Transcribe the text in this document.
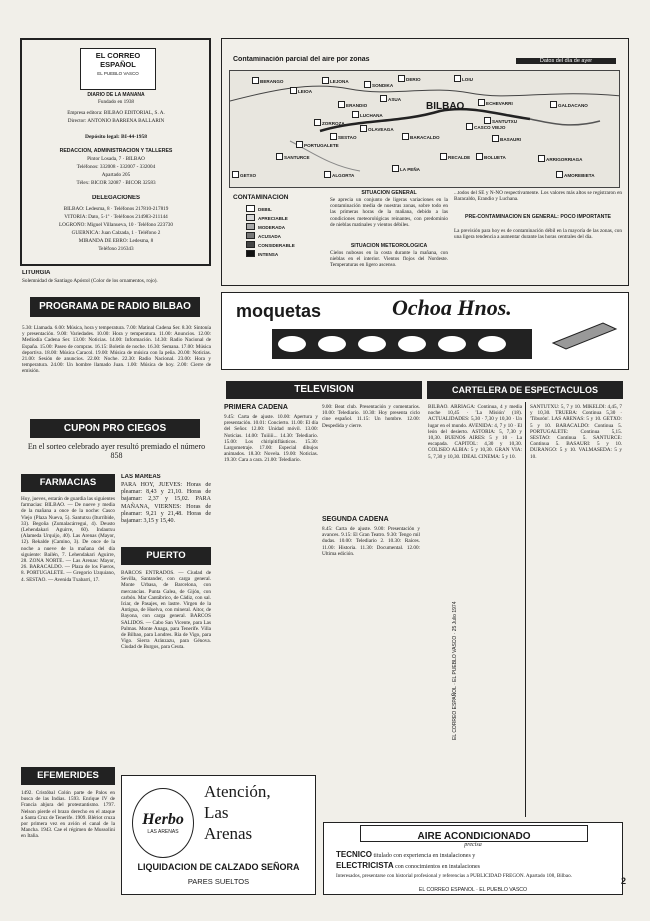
EL CORREO ESPAÑOL
EL PUEBLO VASCO
DIARIO DE LA MAÑANA
Fundado en 1938
Empresa editora: BILBAO EDITORIAL, S. A.
Director: ANTONIO BARRENA BALLARIN
Depósito legal: BI-44-1958
REDACCION, ADMINISTRACION Y TALLERES
Pintor Losada, 7 · BILBAO
Teléfonos: 332008 - 332007 - 332004
Apartado 205
Télex: BICOR 32087 · BICOR 32583
DELEGACIONES
BILBAO: Ledesma, 8 · Teléfonos 217810-217819
VITORIA: Dato, 5·1º · Teléfonos 214983-211144
LOGROÑO: Miguel Villanueva, 10 · Teléfono 223730
GUERNICA: Juan Calzada, 1 · Teléfono 2
MIRANDA DE EBRO: Ledesma, 8
Teléfono 216343
LITURGIA
Solemnidad de Santiago Apóstol (Color de los ornamentos, rojo).
PROGRAMA DE RADIO BILBAO
5.30: Llamada. 6.00: Música, hora y temperatura. 7.00: Matinal Cadena Ser. 8.30: Sintonía y presentación. 9.00: Variedades. 10.00: Hora y temperatura. 11.00: Anuncios. 12.00: Mediodía Cadena Ser. 13.00: Noticias. 14.00: Información. 14.30: Radio Nacional de España. 15.00: Paseo de compras. 16.15: Boletín de noche. 16.30: Semana. 17.00: Música deportiva. 18.00: Música Caracol. 19.00: Música de música con Ia peña. 20.00: Noticias. 21.00: Sesión de anuncios. 22.00: Noche. 22.30: Radio Nacional. 23.00: Hora y temperatura. 24.00: Un hombre llamado Juan. 1.00: Música de hoy. 2.00: Cierre de emisión.
CUPON PRO CIEGOS
En el sorteo celebrado ayer resultó premiado el número 858
FARMACIAS
Hoy, jueves, estarán de guardia las siguientes farmacias: BILBAO. — De nueve y media de la mañana a once de la noche: Casco Viejo (Plaza Nueva, 5). Santutxu (Iturribide, 33). Begoña (Zumalacárregui, 4). Deusto (Lehendakari Aguirre, 60). Indautxu (Alameda Urquijo, 40). Las Arenas (Mayor, 12). Rekalde (Camino, 3). De once de la noche a nueve de la mañana del día siguiente: Bailén, 7. Lehendakari Aguirre, 28. ZONA NORTE. — Las Arenas: Mayor, 26. BARACALDO. — Plaza de los Fueros, 8. PORTUGALETE. — Gregorio Uzquiano, 4. SESTAO. — Avenida Txabarri, 17.
EFEMERIDES
1492. Cristóbal Colón parte de Palos en busca de las Indias. 1593. Enrique IV de Francia abjura del protestantismo. 1797. Nelson pierde el brazo derecho en el ataque a Santa Cruz de Tenerife. 1909. Blériot cruza por primera vez en avión el canal de la Mancha. 1943. Cae el régimen de Mussolini en Italia.
LAS MAREAS
PARA HOY, JUEVES: Horas de pleamar: 8,43 y 21,10. Horas de bajamar: 2,37 y 15,02. PARA MAÑANA, VIERNES: Horas de pleamar: 9,21 y 21,48. Horas de bajamar: 3,15 y 15,40.
PUERTO
BARCOS ENTRADOS. — Ciudad de Sevilla, Santander, con carga general. Monte Urbasa, de Barcelona, con mercancías. Punta Galea, de Gijón, con carbón. Mar Cantábrico, de Cádiz, con sal. Iciar, de Pasajes, en lastre. Virgen de la Antigua, de Huelva, con mineral. Aitor, de Bayona, con carga general. BARCOS SALIDOS. — Cabo San Vicente, para Las Palmas. Monte Anaga, para Tenerife. Villa de Bilbao, para Londres. Ría de Vigo, para Vigo. Sierra Aránzazu, para Génova. Ciudad de Burgos, para Ceuta.
Contaminación parcial del aire por zonas	Datos del día de ayer
BERANGO	LEJONA
LEIOA
SONDIKA
DERIO	LOIU
ASUA
ERANDIO
LUCHANA
ZORROZA
BARACALDO	BASAURI
ECHEVARRI
ARRIGORRIAGA
PORTUGALETE
SESTAO
SANTURCE
OLAVEAGA
RECALDE
CASCO VIEJO
GALDACANO
BOLUETA
GETXO	ALGORTA
SANTUTXU
LA PEÑA
AMOREBIETA
BILBAO
CONTAMINACION
DEBIL
APRECIABLE
MODERADA
ACUSADA
CONSIDERABLE
INTENSA
SITUACION GENERAL
Se aprecia un conjunto de ligeras variaciones en la contaminación media de nuestras zonas, sobre todo en las primeras horas de la mañana, debido a las condiciones meteorológicas reinantes, con predominio de nieblas matinales y vientos débiles.
SITUACION METEOROLOGICA
Cielos nubosos en la costa durante la mañana, con nieblas en el interior. Vientos flojos del Nordeste. Temperaturas en ligero ascenso.
...todos del SE y N-NO respectivamente. Los valores más altos se registraron en Baracaldo, Erandio y Luchana.
PRE-CONTAMINACION EN GENERAL: POCO IMPORTANTE
La previsión para hoy es de contaminación débil en la mayoría de las zonas, con una ligera tendencia a aumentar durante las horas centrales del día.
moquetas	Ochoa Hnos.
TELEVISION
PRIMERA CADENA
9.45: Carta de ajuste. 10.00: Apertura y presentación. 10.01: Concierto. 11.00: El día del Señor. 12.00: Unidad móvil. 13.00: Noticias. 14.00: Tuiiiii... 14.30: Telediario. 15.00: Los chiripitifláuticos. 15.30: Largometraje. 17.00: Especial dibujos animados. 18.30: Novela. 19.00: Noticias. 19.30: Cara a cara. 21.00: Telediario.
9.00: Beat club. Presentación y comentarios. 10.00: Telediario. 10.30: Hoy presenta ciclo cine español. 11.15: Un hombre. 12.00: Despedida y cierre.
SEGUNDA CADENA
8.45: Carta de ajuste. 9.00: Presentación y avances. 9.15: El Gran Teatro. 9.30: Tengo mil dudas. 10.00: Telediario 2. 10.30: Raíces. 11.00: Historia. 11.30: Documental. 12.00: Ultima edición.
CARTELERA DE ESPECTACULOS
BILBAO. ARRIAGA: Continua, 4 y media noche 10,45 · 'La Misión' (18). ACTUALIDADES: 5,30 · 7,30 y 10,30 · Un lugar en el mundo. AVENIDA: 4, 7 y 10 · El león del desierto. ASTORIA: 5, 7,30 y 10,30. BUENOS AIRES: 5 y 10 · La escapada. CAPITOL: 4,30 y 10,30. COLISEO ALBIA: 5 y 10,30. GRAN VIA: 5, 7,30 y 10,30. IDEAL CINEMA: 5 y 10.
SANTUTXU: 5, 7 y 10. MIKELDI: 4,45, 7 y 10,30. TRUEBA: Continua 5,30 · 'Tiburón'. LAS ARENAS: 5 y 10. GETXO: 5 y 10. BARACALDO: Continua 5. PORTUGALETE: Continua 5,15. SESTAO: Continua 5. SANTURCE: Continua 5. BASAURI: 5 y 10. DURANGO: 5 y 10. VALMASEDA: 5 y 10.
Herbo
LAS ARENAS
Atención,
Las
Arenas
LIQUIDACION DE CALZADO SEÑORA
PARES SUELTOS
AIRE ACONDICIONADO
precisa
TECNICO titulado con experiencia en instalaciones y
ELECTRICISTA con conocimientos en instalaciones
Interesados, presentarse con historial profesional y referencias a PUBLICIDAD FREGON. Apartado 108, Bilbao.
EL CORREO ESPAÑOL · EL PUEBLO VASCO
EL CORREO ESPAÑOL · EL PUEBLO VASCO · 25 Julio 1974
2
